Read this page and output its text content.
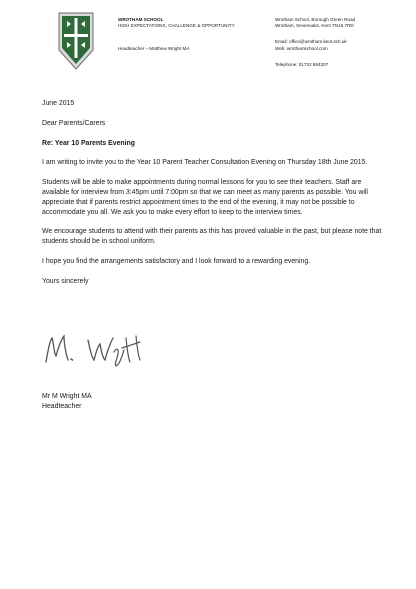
WROTHAM SCHOOL
HIGH EXPECTATIONS, CHALLENGE & OPPORTUNITY
Headteacher – Matthew Wright MA
Wrotham School, Borough Green Road
Wrotham, Sevenoaks, Kent TN15 7RD
Email: office@wrotham.kent.sch.uk
Web: wrothamschool.com
Telephone: 01732 884207

June 2015

Dear Parents/Carers

Re: Year 10 Parents Evening

I am writing to invite you to the Year 10 Parent Teacher Consultation Evening on Thursday 18th June 2015.

Students will be able to make appointments during normal lessons for you to see their teachers. Staff are available for interview from 3:45pm until 7:00pm so that we can meet as many parents as possible. You will appreciate that if parents restrict appointment times to the end of the evening, it may not be possible to accommodate you all. We ask you to make every effort to keep to the interview times.

We encourage students to attend with their parents as this has proved valuable in the past, but please note that students should be in school uniform.

I hope you find the arrangements satisfactory and I look forward to a rewarding evening.

Yours sincerely

Mr M Wright MA
Headteacher
